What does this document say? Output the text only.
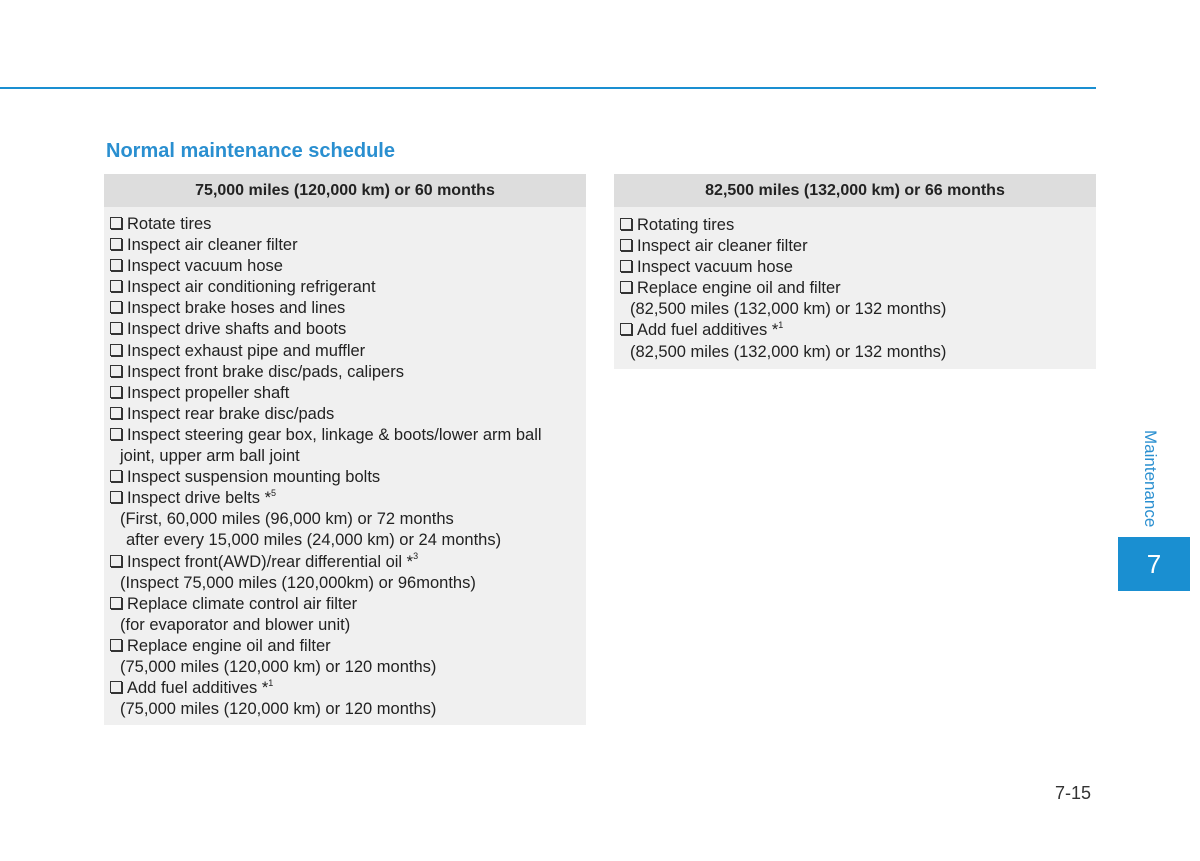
Normal maintenance schedule
75,000 miles (120,000 km) or 60 months
Rotate tires
Inspect air cleaner filter
Inspect vacuum hose
Inspect air conditioning refrigerant
Inspect brake hoses and lines
Inspect drive shafts and boots
Inspect exhaust pipe and muffler
Inspect front brake disc/pads, calipers
Inspect propeller shaft
Inspect rear brake disc/pads
Inspect steering gear box, linkage & boots/lower arm ball
joint, upper arm ball joint
Inspect suspension mounting bolts
Inspect drive belts *$^5$
(First, 60,000 miles (96,000 km) or 72 months
after every 15,000 miles (24,000 km) or 24 months)
Inspect front(AWD)/rear differential oil *$^3$
(Inspect 75,000 miles (120,000km) or 96months)
Replace climate control air filter
(for evaporator and blower unit)
Replace engine oil and filter
(75,000 miles (120,000 km) or 120 months)
Add fuel additives *$^1$
(75,000 miles (120,000 km) or 120 months)
82,500 miles (132,000 km) or 66 months
Rotating tires
Inspect air cleaner filter
Inspect vacuum hose
Replace engine oil and filter
(82,500 miles (132,000 km) or 132 months)
Add fuel additives *$^1$
(82,500 miles (132,000 km) or 132 months)
Maintenance
7
7-15
